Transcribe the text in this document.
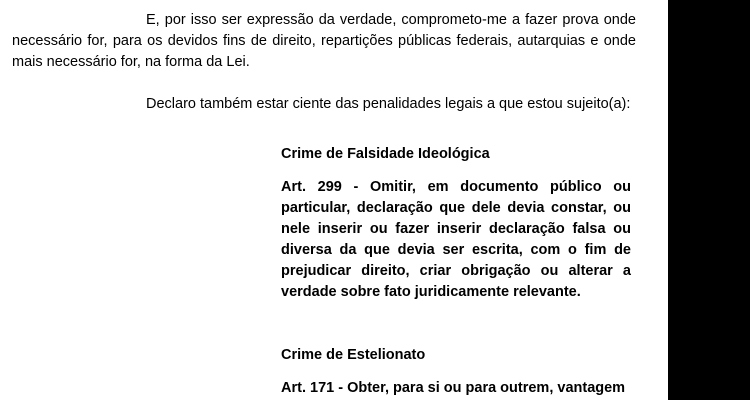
E, por isso ser expressão da verdade, comprometo-me a fazer prova onde necessário for, para os devidos fins de direito, repartições públicas federais, autarquias e onde mais necessário for, na forma da Lei.

Declaro também estar ciente das penalidades legais a que estou sujeito(a):

Crime de Falsidade Ideológica
Art. 299 - Omitir, em documento público ou particular, declaração que dele devia constar, ou nele inserir ou fazer inserir declaração falsa ou diversa da que devia ser escrita, com o fim de prejudicar direito, criar obrigação ou alterar a verdade sobre fato juridicamente relevante.
Crime de Estelionato
Art. 171 - Obter, para si ou para outrem, vantagem
